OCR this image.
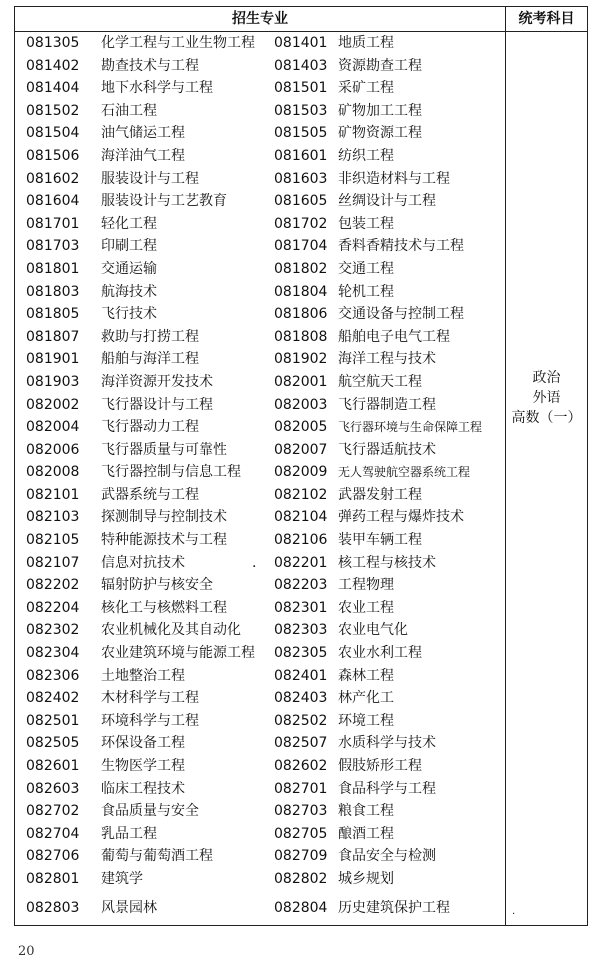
招生专业	统考科目
081305 化学工程与工业生物工程 081401 地质工程
081402 勘查技术与工程	081403 资源勘查工程
081404 地下水科学与工程	081501 采矿工程
081502 石油工程	081503 矿物加工工程
081504 油气储运工程	081505 矿物资源工程
081506 海洋油气工程	081601 纺织工程
081602 服装设计与工程	081603 非织造材料与工程
081604 服装设计与工艺教育	081605 丝绸设计与工程
081701 轻化工程	081702 包装工程
081703 印刷工程	081704 香料香精技术与工程
081801 交通运输	081802 交通工程
081803 航海技术	081804 轮机工程
081805 飞行技术	081806 交通设备与控制工程
081807 救助与打捞工程	081808 船舶电子电气工程
081901 船舶与海洋工程	081902 海洋工程与技术
081903 海洋资源开发技术	082001 航空航天工程
082002 飞行器设计与工程	082003 飞行器制造工程
082004 飞行器动力工程	082005 飞行器环境与生命保障工程
082006 飞行器质量与可靠性	082007 飞行器适航技术
082008 飞行器控制与信息工程 082009 无人驾驶航空器系统工程
082101 武器系统与工程	082102 武器发射工程
082103 探测制导与控制技术	082104 弹药工程与爆炸技术
082105 特种能源技术与工程	082106 装甲车辆工程
082107 信息对抗技术	082201 核工程与核技术
.
082202 辐射防护与核安全	082203 工程物理
082204 核化工与核燃料工程	082301 农业工程
082302 农业机械化及其自动化 082303 农业电气化
082304 农业建筑环境与能源工程 082305 农业水利工程
082306 土地整治工程	082401 森林工程
082402 木材科学与工程	082403 林产化工
082501 环境科学与工程	082502 环境工程
082505 环保设备工程	082507 水质科学与技术
082601 生物医学工程	082602 假肢矫形工程
082603 临床工程技术	082701 食品科学与工程
082702 食品质量与安全	082703 粮食工程
082704 乳品工程	082705 酿酒工程
082706 葡萄与葡萄酒工程	082709 食品安全与检测
082801 建筑学	082802 城乡规划
082803 风景园林	082804 历史建筑保护工程
政治
外语
高数（一）
.
20
